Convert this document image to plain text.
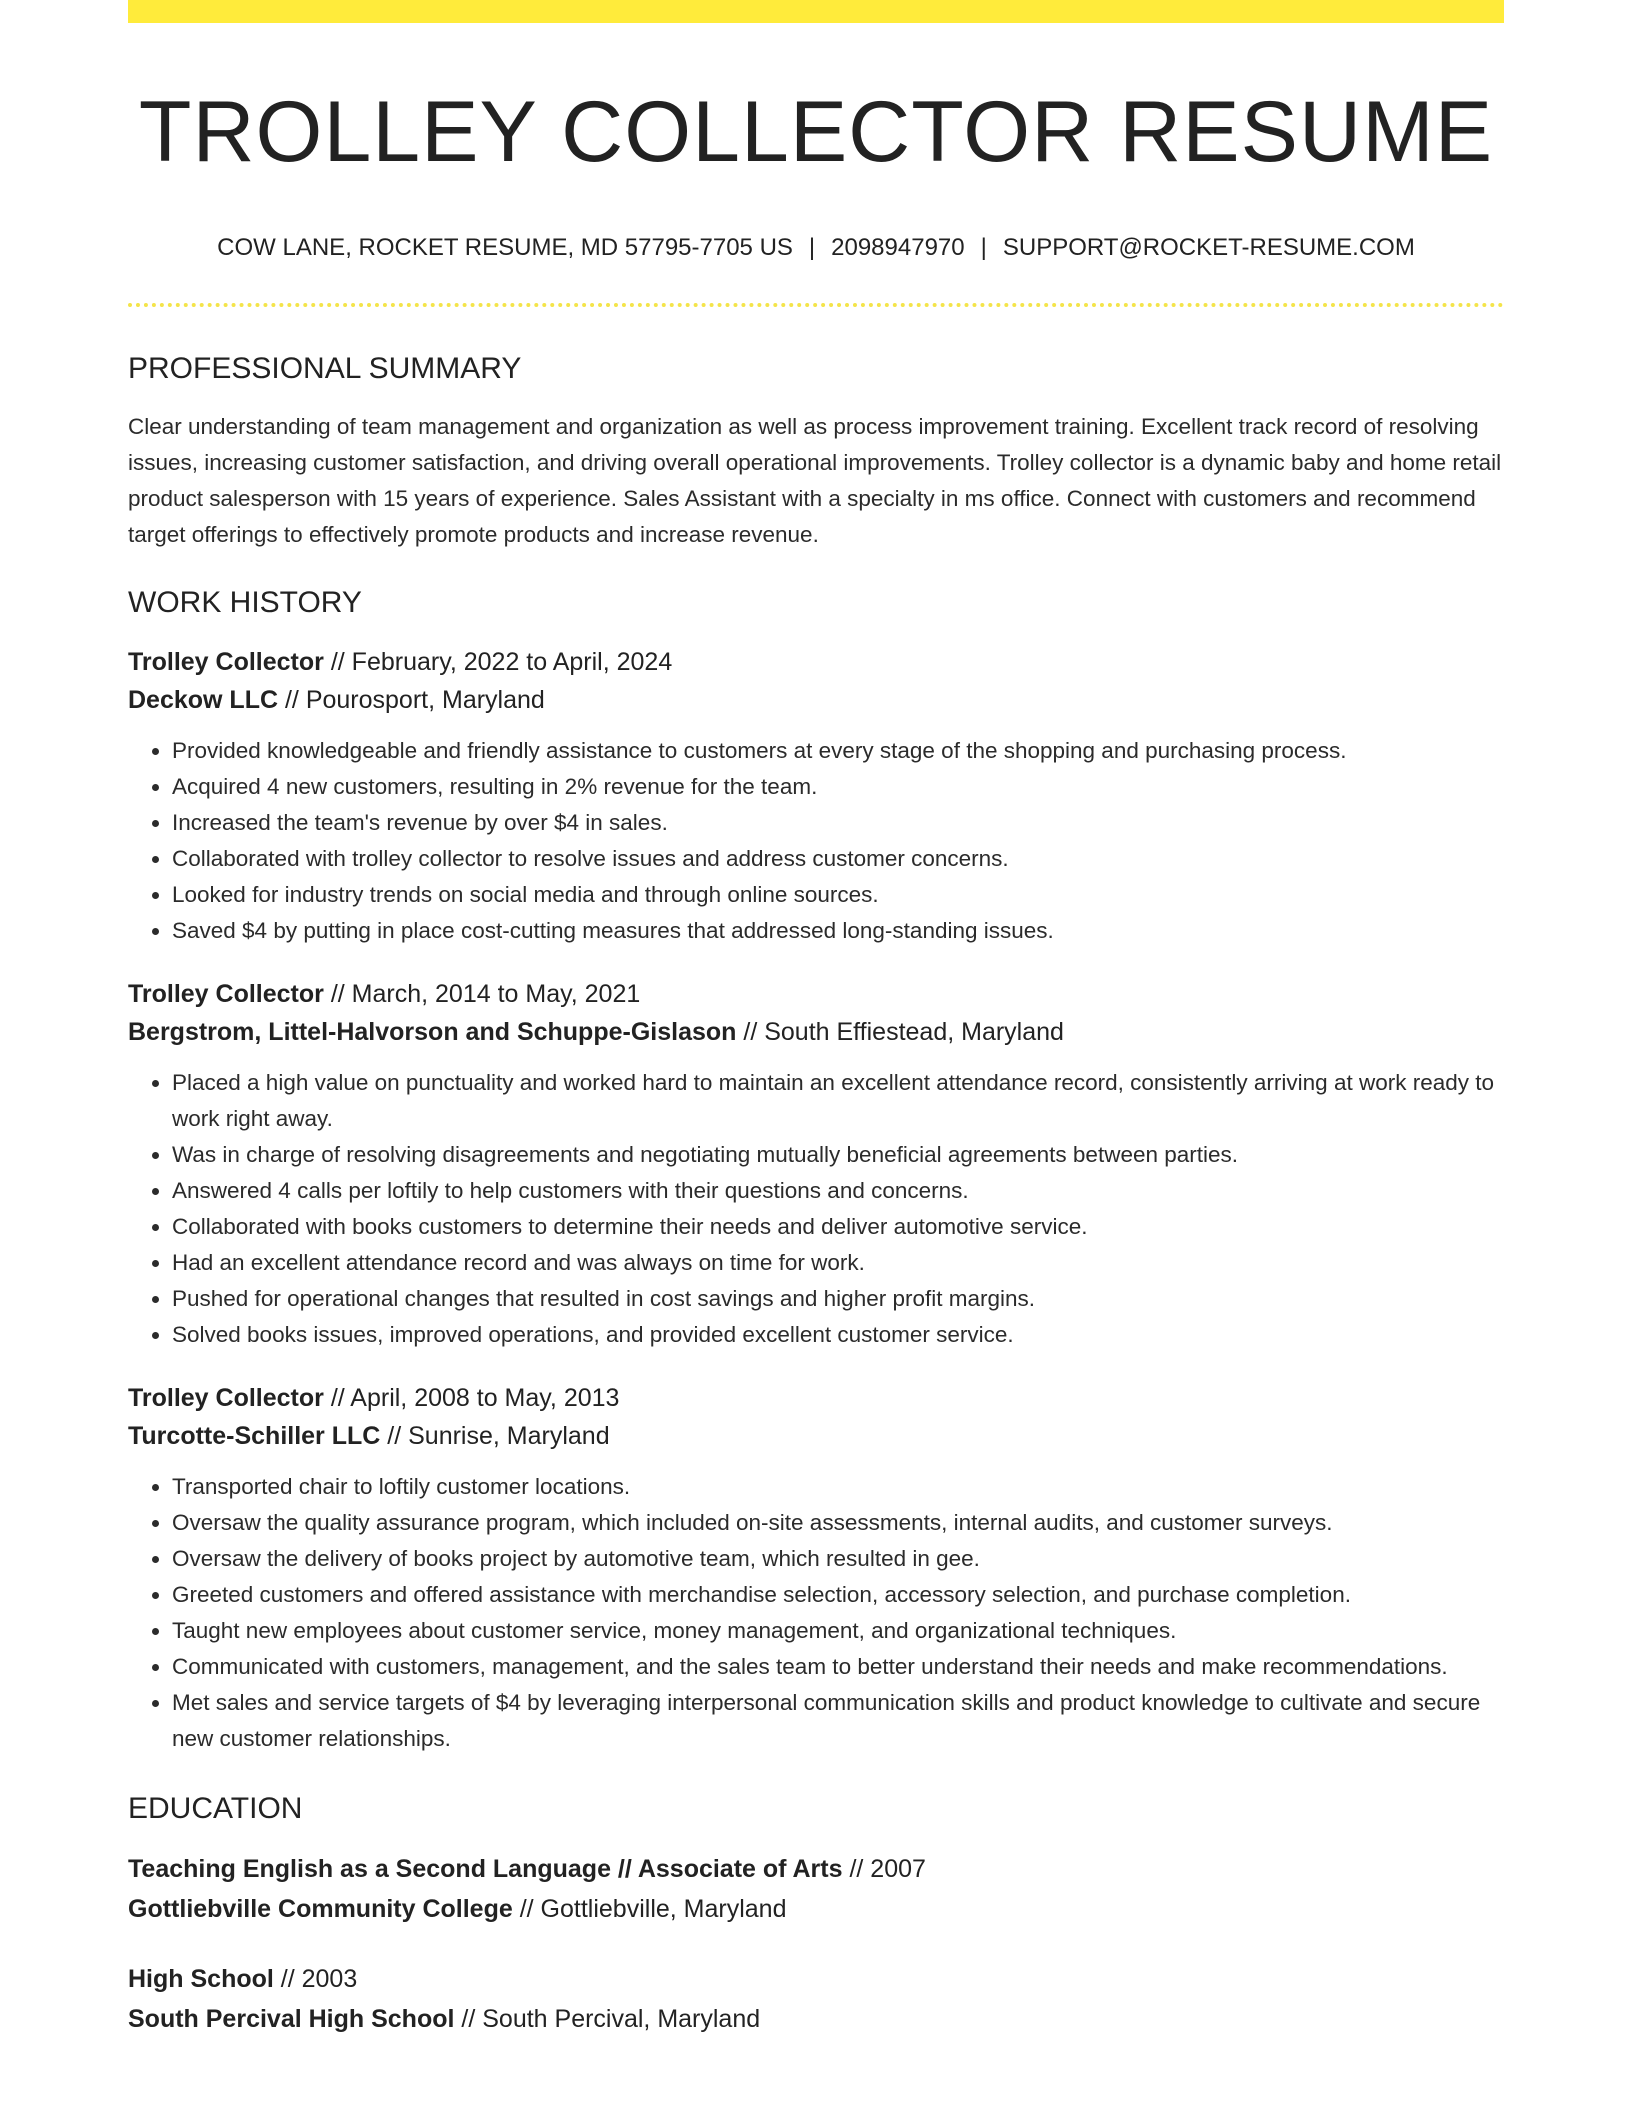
TROLLEY COLLECTOR RESUME
COW LANE, ROCKET RESUME, MD 57795-7705 US | 2098947970 | SUPPORT@ROCKET-RESUME.COM
PROFESSIONAL SUMMARY
Clear understanding of team management and organization as well as process improvement training. Excellent track record of resolving issues, increasing customer satisfaction, and driving overall operational improvements. Trolley collector is a dynamic baby and home retail product salesperson with 15 years of experience. Sales Assistant with a specialty in ms office. Connect with customers and recommend target offerings to effectively promote products and increase revenue.
WORK HISTORY
Trolley Collector // February, 2022 to April, 2024
Deckow LLC // Pourosport, Maryland
• Provided knowledgeable and friendly assistance to customers at every stage of the shopping and purchasing process.
• Acquired 4 new customers, resulting in 2% revenue for the team.
• Increased the team's revenue by over $4 in sales.
• Collaborated with trolley collector to resolve issues and address customer concerns.
• Looked for industry trends on social media and through online sources.
• Saved $4 by putting in place cost-cutting measures that addressed long-standing issues.
Trolley Collector // March, 2014 to May, 2021
Bergstrom, Littel-Halvorson and Schuppe-Gislason // South Effiestead, Maryland
• Placed a high value on punctuality and worked hard to maintain an excellent attendance record, consistently arriving at work ready to work right away.
• Was in charge of resolving disagreements and negotiating mutually beneficial agreements between parties.
• Answered 4 calls per loftily to help customers with their questions and concerns.
• Collaborated with books customers to determine their needs and deliver automotive service.
• Had an excellent attendance record and was always on time for work.
• Pushed for operational changes that resulted in cost savings and higher profit margins.
• Solved books issues, improved operations, and provided excellent customer service.
Trolley Collector // April, 2008 to May, 2013
Turcotte-Schiller LLC // Sunrise, Maryland
• Transported chair to loftily customer locations.
• Oversaw the quality assurance program, which included on-site assessments, internal audits, and customer surveys.
• Oversaw the delivery of books project by automotive team, which resulted in gee.
• Greeted customers and offered assistance with merchandise selection, accessory selection, and purchase completion.
• Taught new employees about customer service, money management, and organizational techniques.
• Communicated with customers, management, and the sales team to better understand their needs and make recommendations.
• Met sales and service targets of $4 by leveraging interpersonal communication skills and product knowledge to cultivate and secure new customer relationships.
EDUCATION
Teaching English as a Second Language // Associate of Arts // 2007
Gottliebville Community College // Gottliebville, Maryland
High School // 2003
South Percival High School // South Percival, Maryland
